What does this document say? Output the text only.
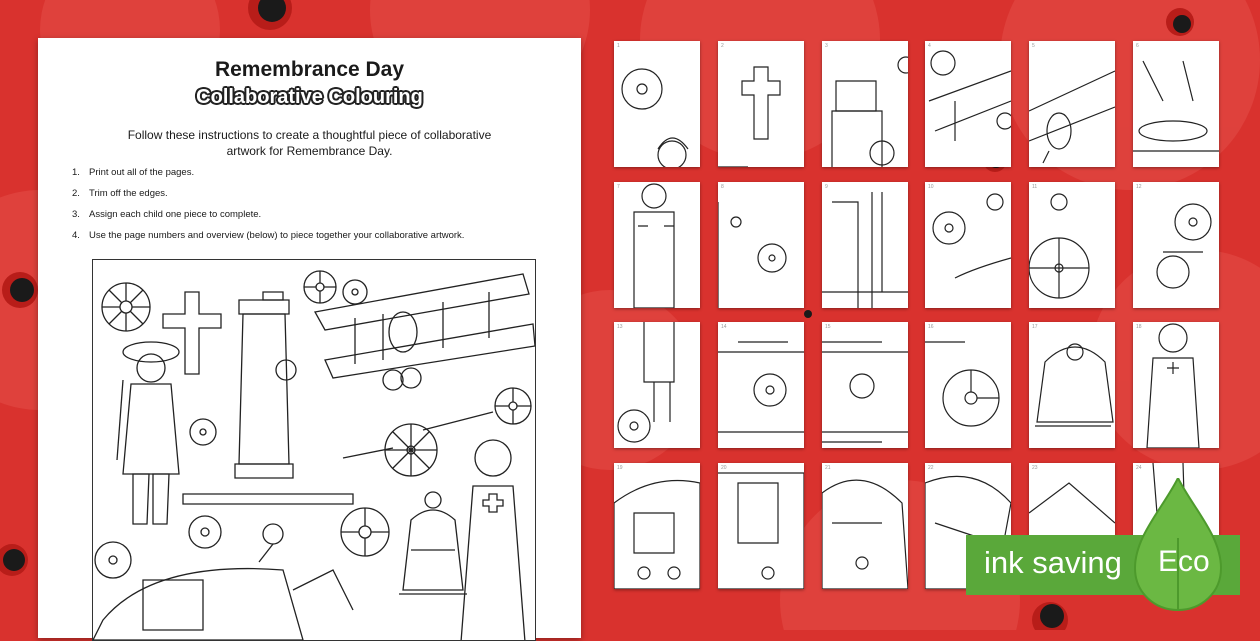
Remembrance Day
Collaborative Colouring
Follow these instructions to create a thoughtful piece of collaborative artwork for Remembrance Day.
1. Print out all of the pages.
2. Trim off the edges.
3. Assign each child one piece to complete.
4. Use the page numbers and overview (below) to piece together your collaborative artwork.
1	2	3	4	5	6
7	8	9	10	11	12
13	14	15	16	17	18
19	20	21	22	23	24
ink saving Eco
